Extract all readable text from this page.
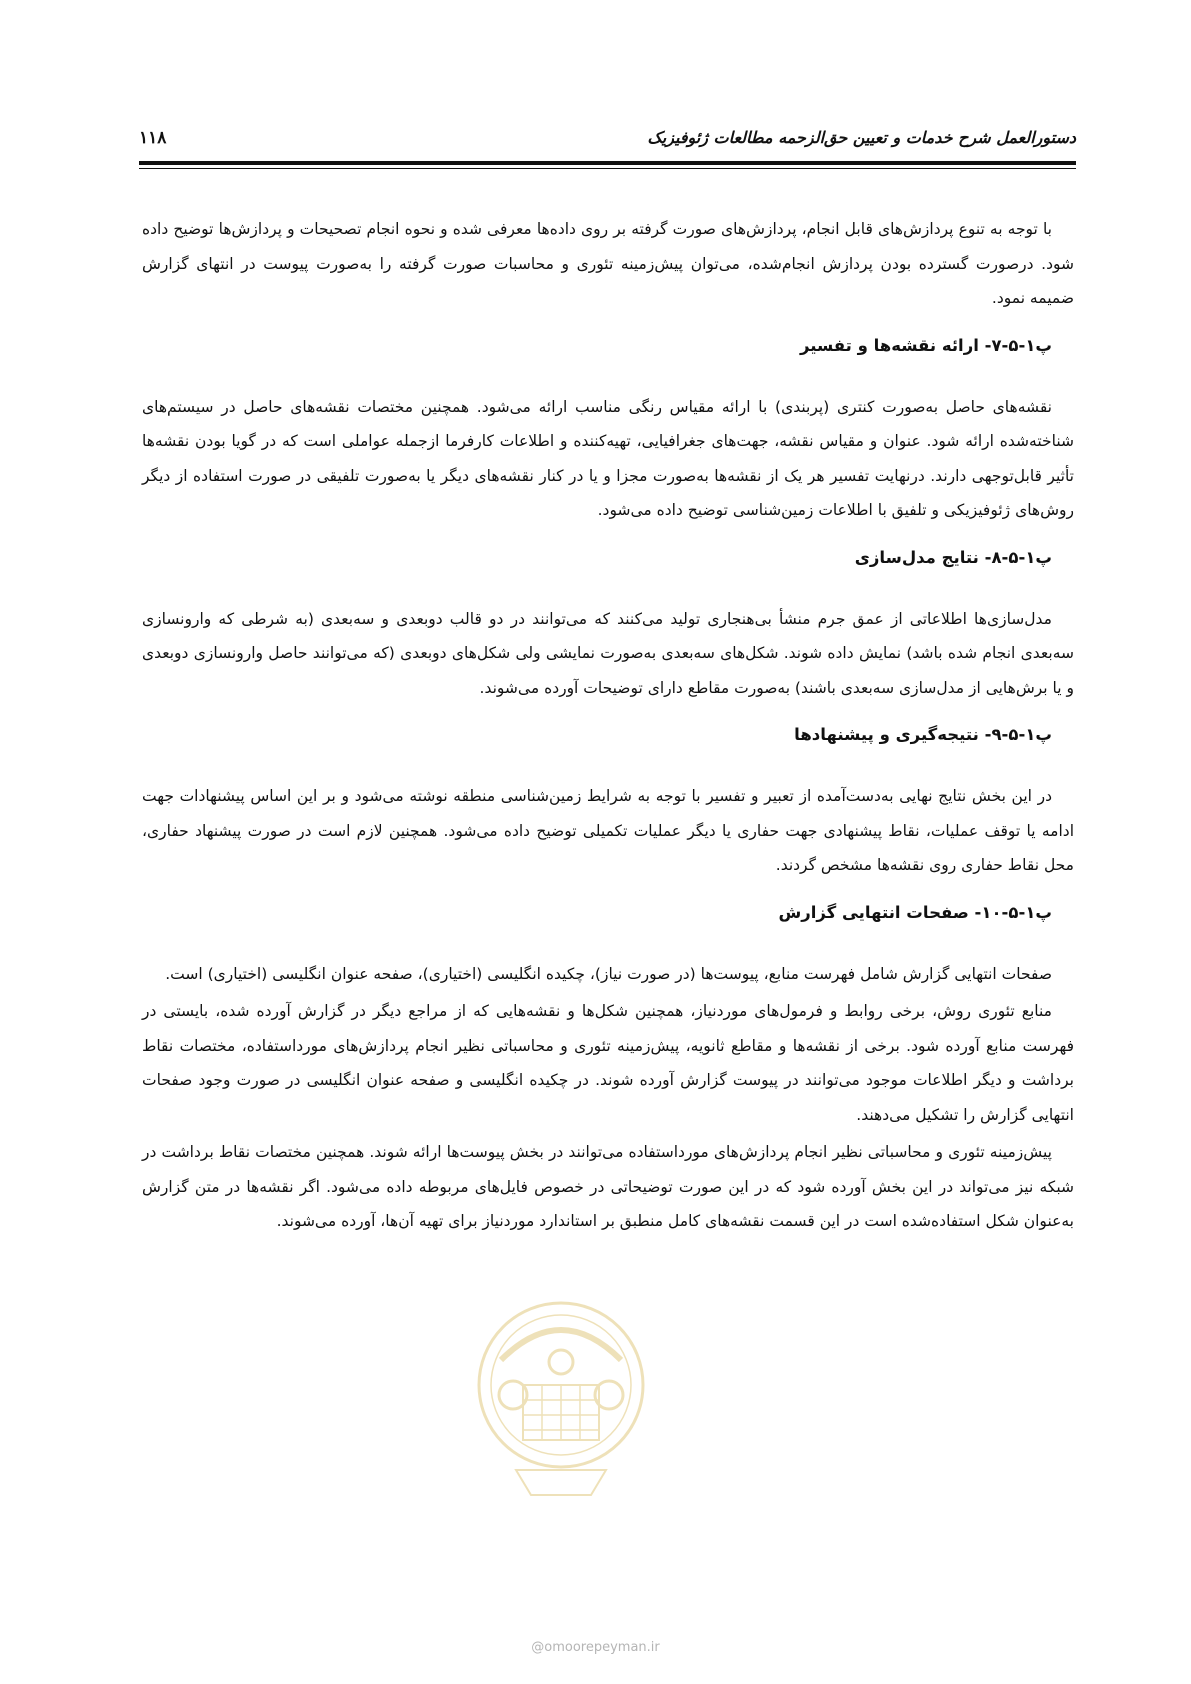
دستورالعمل شرح خدمات و تعیین حق‌الزحمه مطالعات ژئوفیزیک
۱۱۸

با توجه به تنوع پردازش‌های قابل انجام، پردازش‌های صورت گرفته بر روی داده‌ها معرفی شده و نحوه انجام تصحیحات و پردازش‌ها توضیح داده شود. درصورت گسترده بودن پردازش انجام‌شده، می‌توان پیش‌زمینه تئوری و محاسبات صورت گرفته را به‌صورت پیوست در انتهای گزارش ضمیمه نمود.

پ۱-۵-۷- ارائه نقشه‌ها و تفسیر

نقشه‌های حاصل به‌صورت کنتری (پربندی) با ارائه مقیاس رنگی مناسب ارائه می‌شود. همچنین مختصات نقشه‌های حاصل در سیستم‌های شناخته‌شده ارائه شود. عنوان و مقیاس نقشه، جهت‌های جغرافیایی، تهیه‌کننده و اطلاعات کارفرما ازجمله عواملی است که در گویا بودن نقشه‌ها تأثیر قابل‌توجهی دارند. درنهایت تفسیر هر یک از نقشه‌ها به‌صورت مجزا و یا در کنار نقشه‌های دیگر یا به‌صورت تلفیقی در صورت استفاده از دیگر روش‌های ژئوفیزیکی و تلفیق با اطلاعات زمین‌شناسی توضیح داده می‌شود.

پ۱-۵-۸- نتایج مدل‌سازی

مدل‌سازی‌ها اطلاعاتی از عمق جرم منشأ بی‌هنجاری تولید می‌کنند که می‌توانند در دو قالب دوبعدی و سه‌بعدی (به شرطی که وارونسازی سه‌بعدی انجام شده باشد) نمایش داده شوند. شکل‌های سه‌بعدی به‌صورت نمایشی ولی شکل‌های دوبعدی (که می‌توانند حاصل وارونسازی دوبعدی و یا برش‌هایی از مدل‌سازی سه‌بعدی باشند) به‌صورت مقاطع دارای توضیحات آورده می‌شوند.

پ۱-۵-۹- نتیجه‌گیری و پیشنهادها

در این بخش نتایج نهایی به‌دست‌آمده از تعبیر و تفسیر با توجه به شرایط زمین‌شناسی منطقه نوشته می‌شود و بر این اساس پیشنهادات جهت ادامه یا توقف عملیات، نقاط پیشنهادی جهت حفاری یا دیگر عملیات تکمیلی توضیح داده می‌شود. همچنین لازم است در صورت پیشنهاد حفاری، محل نقاط حفاری روی نقشه‌ها مشخص گردند.

پ۱-۵-۱۰- صفحات انتهایی گزارش

صفحات انتهایی گزارش شامل فهرست منابع، پیوست‌ها (در صورت نیاز)، چکیده انگلیسی (اختیاری)، صفحه عنوان انگلیسی (اختیاری) است.

منابع تئوری روش، برخی روابط و فرمول‌های موردنیاز، همچنین شکل‌ها و نقشه‌هایی که از مراجع دیگر در گزارش آورده شده، بایستی در فهرست منابع آورده شود. برخی از نقشه‌ها و مقاطع ثانویه، پیش‌زمینه تئوری و محاسباتی نظیر انجام پردازش‌های مورداستفاده، مختصات نقاط برداشت و دیگر اطلاعات موجود می‌توانند در پیوست گزارش آورده شوند. در چکیده انگلیسی و صفحه عنوان انگلیسی در صورت وجود صفحات انتهایی گزارش را تشکیل می‌دهند.

پیش‌زمینه تئوری و محاسباتی نظیر انجام پردازش‌های مورداستفاده می‌توانند در بخش پیوست‌ها ارائه شوند. همچنین مختصات نقاط برداشت در شبکه نیز می‌تواند در این بخش آورده شود که در این صورت توضیحاتی در خصوص فایل‌های مربوطه داده می‌شود. اگر نقشه‌ها در متن گزارش به‌عنوان شکل استفاده‌شده است در این قسمت نقشه‌های کامل منطبق بر استاندارد موردنیاز برای تهیه آن‌ها، آورده می‌شوند.

@omoorepeyman.ir
